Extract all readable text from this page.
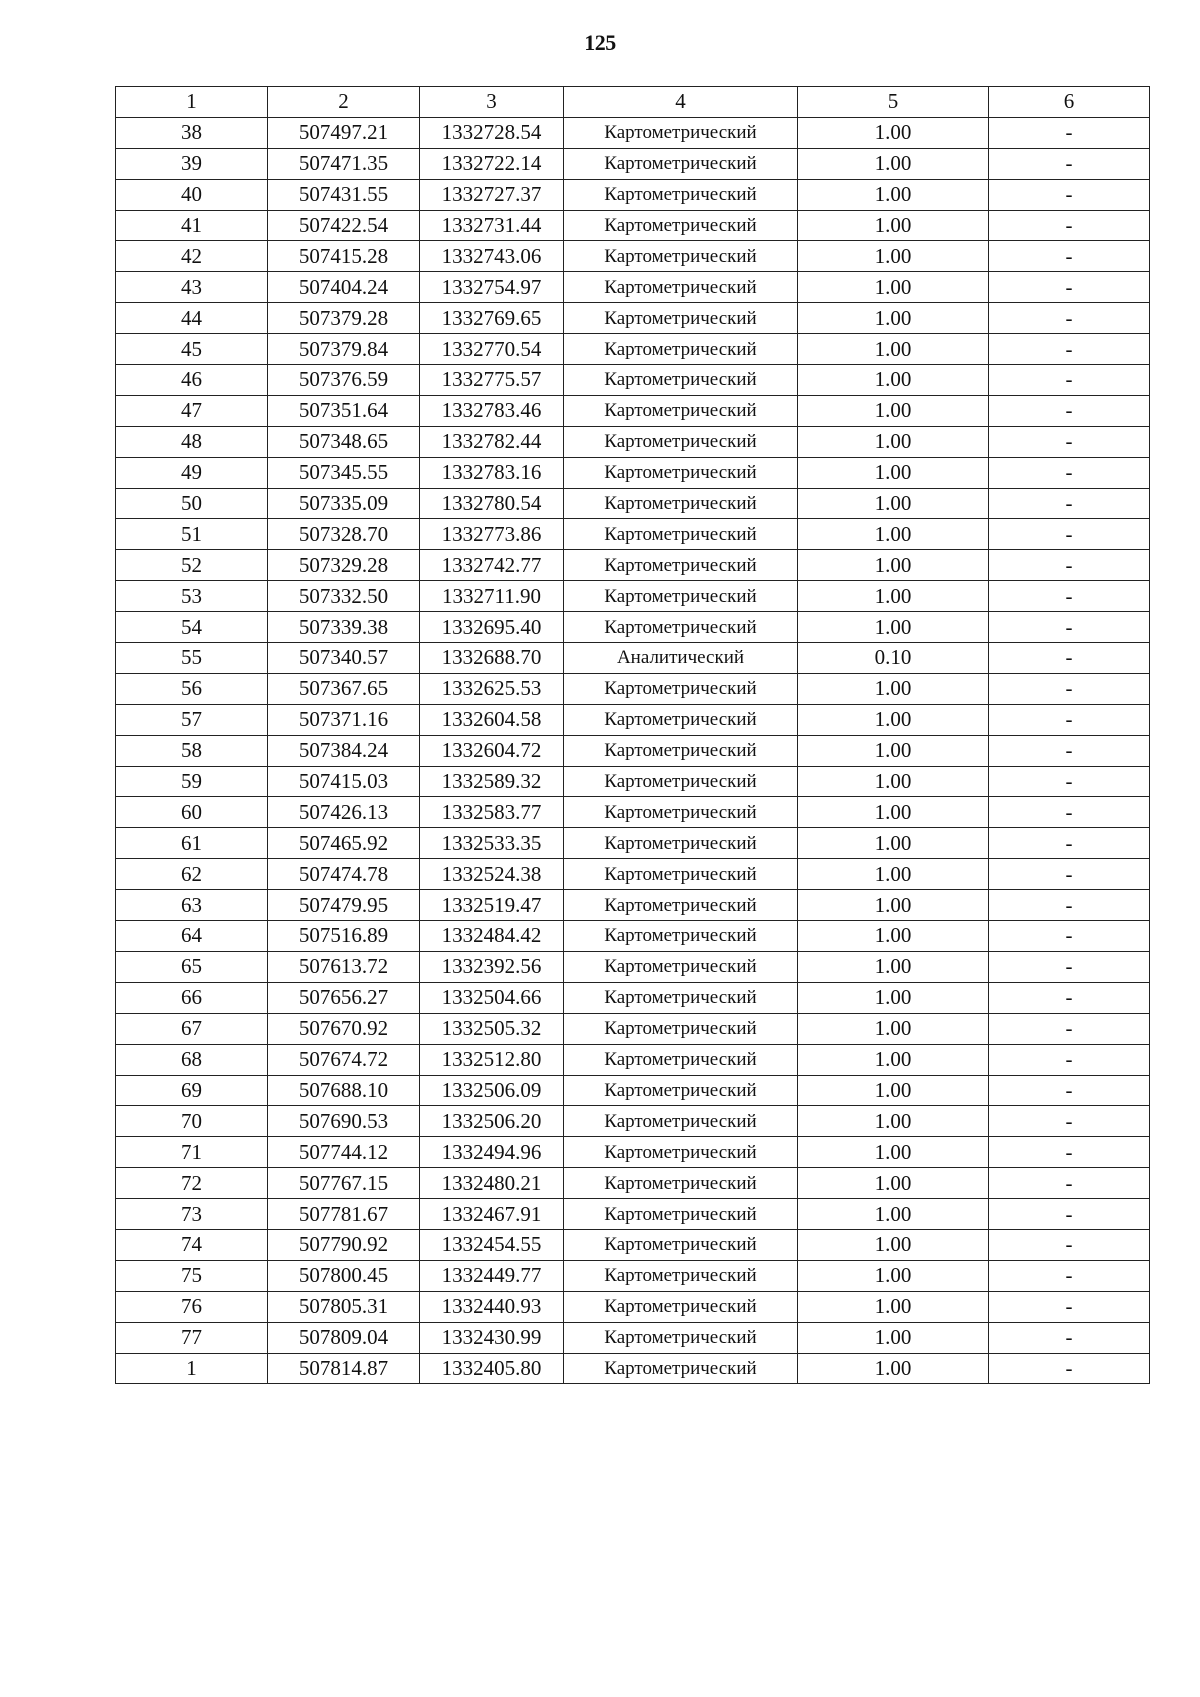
125
1	2	3	4	5	6
38	507497.21	1332728.54	Картометрический	1.00	-
39	507471.35	1332722.14	Картометрический	1.00	-
40	507431.55	1332727.37	Картометрический	1.00	-
41	507422.54	1332731.44	Картометрический	1.00	-
42	507415.28	1332743.06	Картометрический	1.00	-
43	507404.24	1332754.97	Картометрический	1.00	-
44	507379.28	1332769.65	Картометрический	1.00	-
45	507379.84	1332770.54	Картометрический	1.00	-
46	507376.59	1332775.57	Картометрический	1.00	-
47	507351.64	1332783.46	Картометрический	1.00	-
48	507348.65	1332782.44	Картометрический	1.00	-
49	507345.55	1332783.16	Картометрический	1.00	-
50	507335.09	1332780.54	Картометрический	1.00	-
51	507328.70	1332773.86	Картометрический	1.00	-
52	507329.28	1332742.77	Картометрический	1.00	-
53	507332.50	1332711.90	Картометрический	1.00	-
54	507339.38	1332695.40	Картометрический	1.00	-
55	507340.57	1332688.70	Аналитический	0.10	-
56	507367.65	1332625.53	Картометрический	1.00	-
57	507371.16	1332604.58	Картометрический	1.00	-
58	507384.24	1332604.72	Картометрический	1.00	-
59	507415.03	1332589.32	Картометрический	1.00	-
60	507426.13	1332583.77	Картометрический	1.00	-
61	507465.92	1332533.35	Картометрический	1.00	-
62	507474.78	1332524.38	Картометрический	1.00	-
63	507479.95	1332519.47	Картометрический	1.00	-
64	507516.89	1332484.42	Картометрический	1.00	-
65	507613.72	1332392.56	Картометрический	1.00	-
66	507656.27	1332504.66	Картометрический	1.00	-
67	507670.92	1332505.32	Картометрический	1.00	-
68	507674.72	1332512.80	Картометрический	1.00	-
69	507688.10	1332506.09	Картометрический	1.00	-
70	507690.53	1332506.20	Картометрический	1.00	-
71	507744.12	1332494.96	Картометрический	1.00	-
72	507767.15	1332480.21	Картометрический	1.00	-
73	507781.67	1332467.91	Картометрический	1.00	-
74	507790.92	1332454.55	Картометрический	1.00	-
75	507800.45	1332449.77	Картометрический	1.00	-
76	507805.31	1332440.93	Картометрический	1.00	-
77	507809.04	1332430.99	Картометрический	1.00	-
1	507814.87	1332405.80	Картометрический	1.00	-
